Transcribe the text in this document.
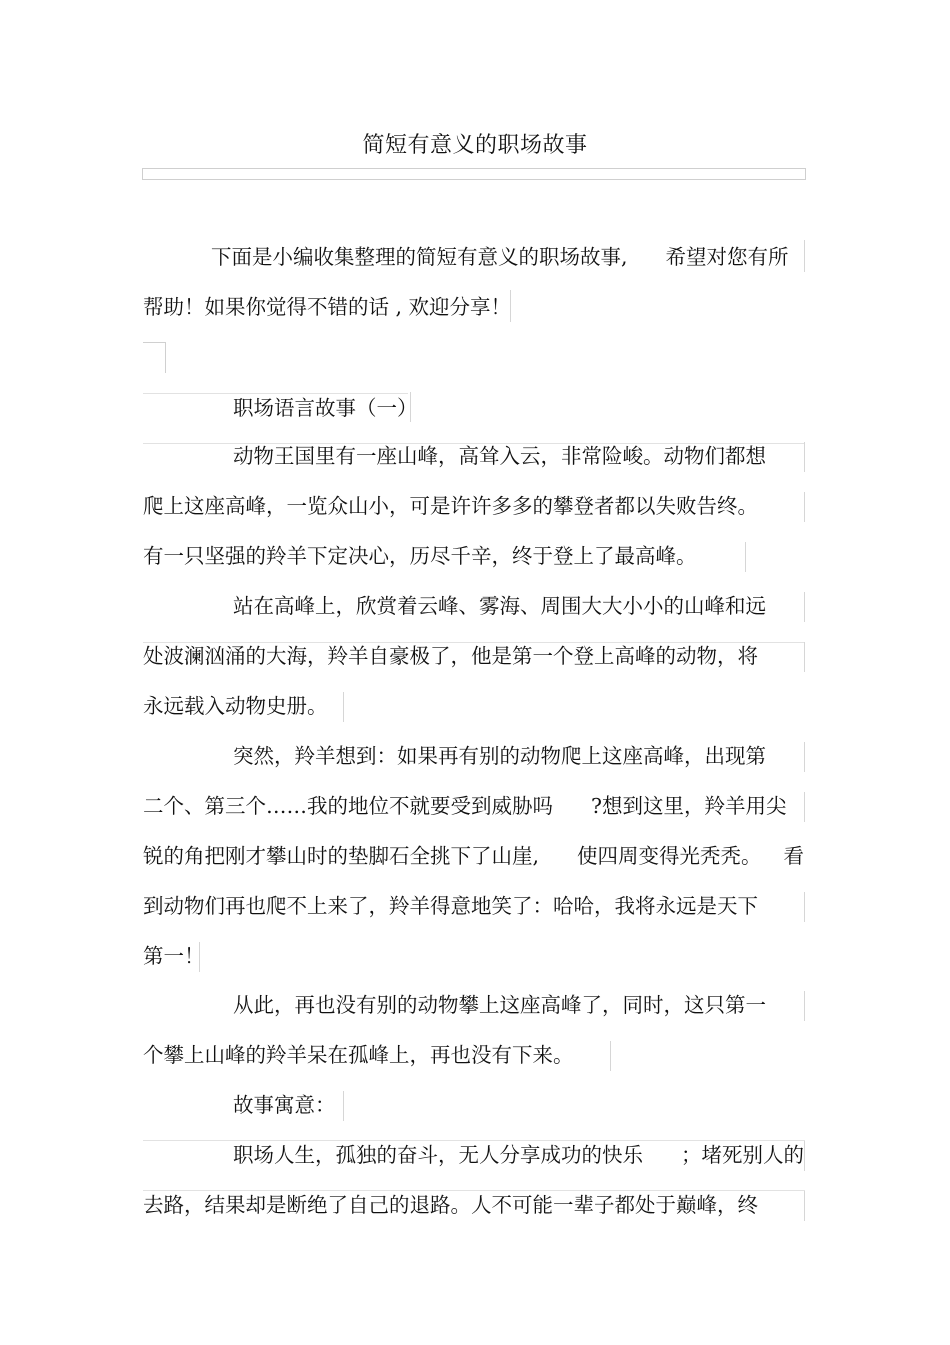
简短有意义的职场故事
下面是小编收集整理的简短有意义的职场故事, 希望对您有所
帮助！如果你觉得不错的话 , 欢迎分享！
职场语言故事（一）
动物王国里有一座山峰，高耸入云，非常险峻。动物们都想
爬上这座高峰，一览众山小，可是许许多多的攀登者都以失败告终。
有一只坚强的羚羊下定决心，历尽千辛，终于登上了最高峰。
站在高峰上，欣赏着云峰、雾海、周围大大小小的山峰和远
处波澜汹涌的大海，羚羊自豪极了，他是第一个登上高峰的动物，将
永远载入动物史册。
突然，羚羊想到：如果再有别的动物爬上这座高峰，出现第
二个、第三个……我的地位不就要受到威胁吗 ?想到这里，羚羊用尖
锐的角把刚才攀山时的垫脚石全挑下了山崖, 使四周变得光秃秃。 看
到动物们再也爬不上来了，羚羊得意地笑了：哈哈，我将永远是天下
第一！
从此，再也没有别的动物攀上这座高峰了，同时，这只第一
个攀上山峰的羚羊呆在孤峰上，再也没有下来。
故事寓意：
职场人生，孤独的奋斗，无人分享成功的快乐 ；堵死别人的
去路，结果却是断绝了自己的退路。人不可能一辈子都处于巅峰，终
